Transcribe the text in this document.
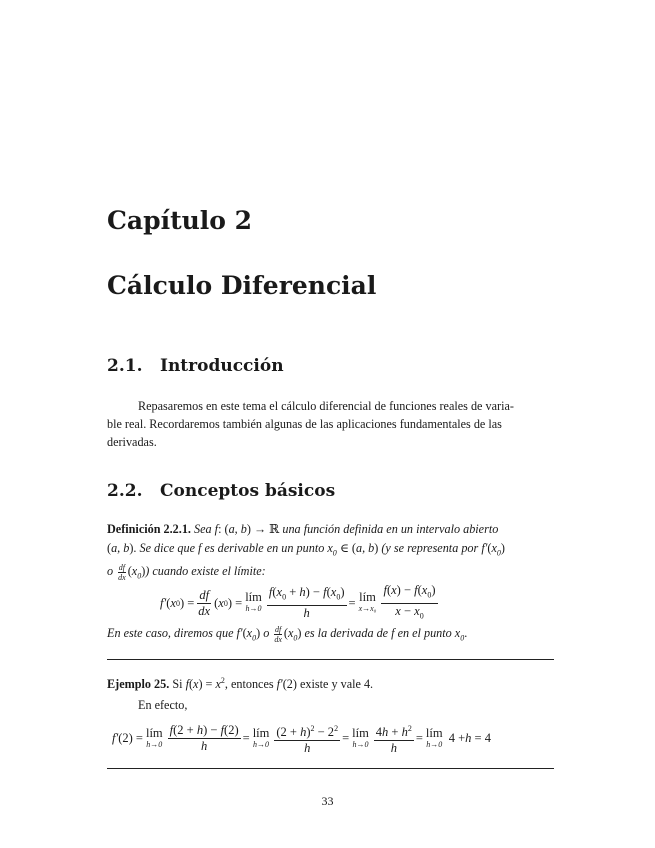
Capítulo 2
Cálculo Diferencial
2.1. Introducción
Repasaremos en este tema el cálculo diferencial de funciones reales de varia-
ble real. Recordaremos también algunas de las aplicaciones fundamentales de las
derivadas.
2.2. Conceptos básicos
Definición 2.2.1. Sea f: (a, b) → ℝ una función definida en un intervalo abierto
(a, b). Se dice que f es derivable en un punto $x_0$ ∈ (a, b) (y se representa por $f'(x_0)$
o $\frac{df}{dx} (x_0)$) cuando existe el límite:
f′ ( x 0 ) = $\frac{df}{dx}$ ( x 0 ) = lím
$h\to 0 \frac{f(x_0 + h) - f(x_0)}{h}$ = lím
$x\to x_0 \frac{f(x) - f(x_0)}{x - x_0}$
En este caso, diremos que $f'(x_0)$ o $\frac{df}{dx} (x_0)$ es la derivada de f en el punto $x_0$.
Ejemplo 25. Si $f(x) = x^2$, entonces f′(2) existe y vale 4.
En efecto,
f′ (2) = lím
$h\to 0 \frac{f(2 + h) - f(2)}{h}$ = lím
$h\to 0 \frac{(2 + h)^2 - 2^2}{h}$ = lím
$h\to 0 \frac{4h + h^2}{h}$ = lím
h→0 4 + h = 4
33
